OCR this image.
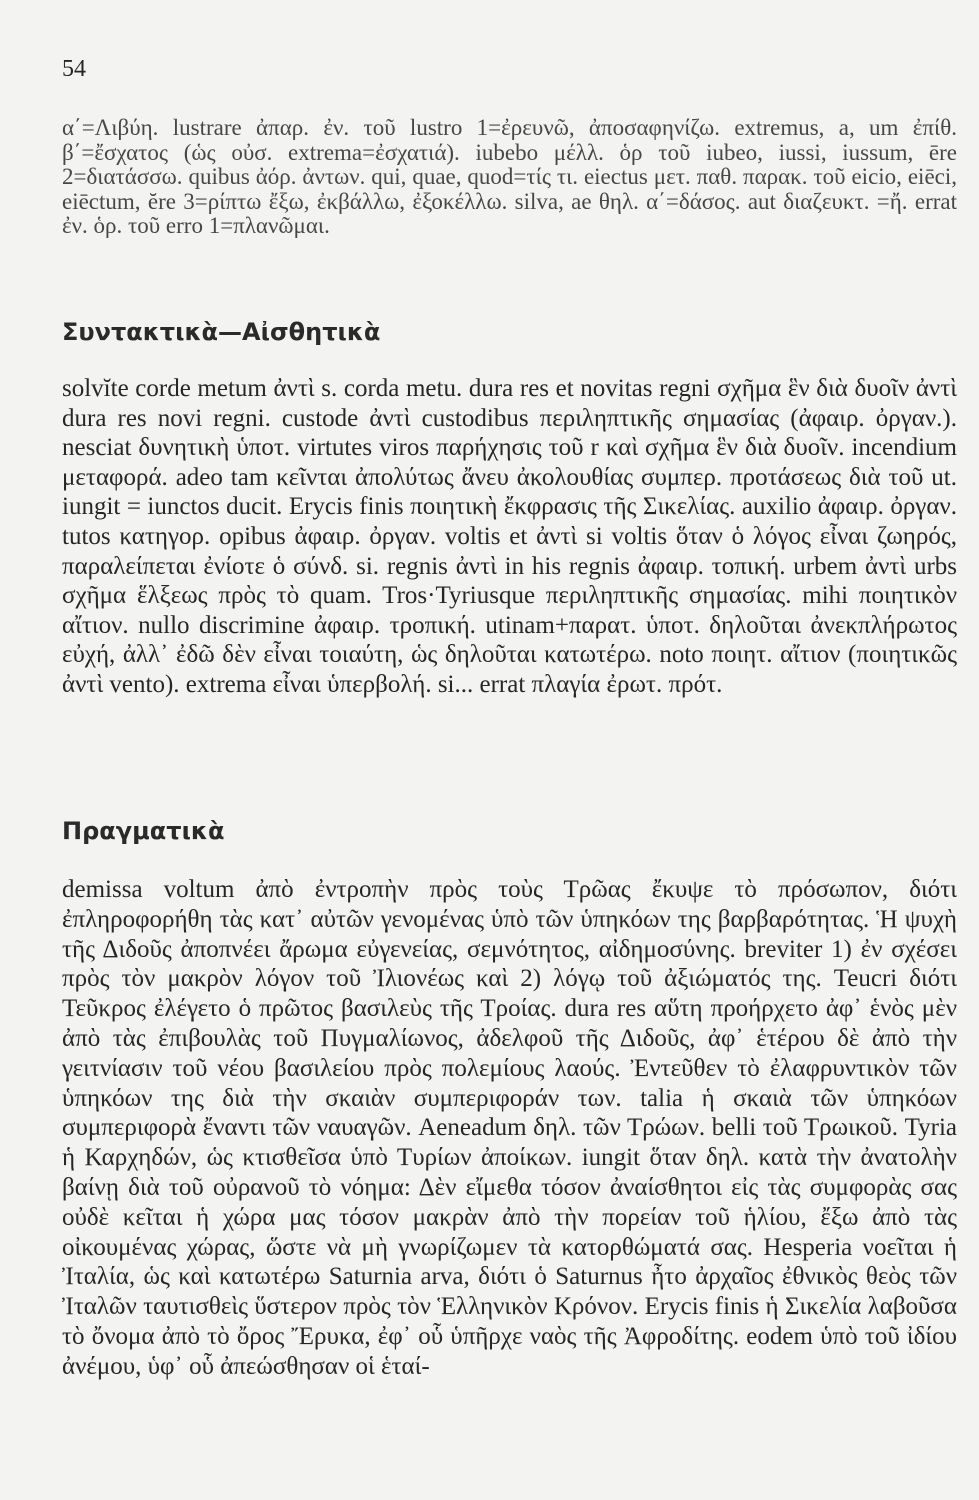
54

α΄=Λιβύη. lustrare ἀπαρ. ἐν. τοῦ lustro 1=ἐρευνῶ, ἀποσαφηνίζω. extremus, a, um ἐπίθ. β΄=ἔσχατος (ὡς οὐσ. extrema=ἐσχατιά). iubebo μέλλ. ὁρ τοῦ iubeo, iussi, iussum, ēre 2=διατάσσω. quibus ἀόρ. ἀντων. qui, quae, quod=τίς τι. eiectus μετ. παθ. παρακ. τοῦ eicio, eiēci, eiēctum, ĕre 3=ρίπτω ἔξω, ἐκβάλλω, ἐξοκέλλω. silva, ae θηλ. α΄=δάσος. aut διαζευκτ. =ἤ. errat ἐν. ὁρ. τοῦ erro 1=πλανῶμαι.

Συντακτικὰ—Αἰσθητικὰ

solvĭte corde metum ἀντὶ s. corda metu. dura res et novitas regni σχῆμα ἓν διὰ δυοῖν ἀντὶ dura res novi regni. custode ἀντὶ custodibus περιληπτικῆς σημασίας (ἀφαιρ. ὀργαν.). nesciat δυνητικὴ ὑποτ. virtutes viros παρήχησις τοῦ r καὶ σχῆμα ἓν διὰ δυοῖν. incendium μεταφορά. adeo tam κεῖνται ἀπολύτως ἄνευ ἀκολουθίας συμπερ. προτάσεως διὰ τοῦ ut. iungit = iunctos ducit. Erycis finis ποιητικὴ ἔκφρασις τῆς Σικελίας. auxilio ἀφαιρ. ὀργαν. tutos κατηγορ. opibus ἀφαιρ. ὀργαν. voltis et ἀντὶ si voltis ὅταν ὁ λόγος εἶναι ζωηρός, παραλείπεται ἐνίοτε ὁ σύνδ. si. regnis ἀντὶ in his regnis ἀφαιρ. τοπική. urbem ἀντὶ urbs σχῆμα ἕλξεως πρὸς τὸ quam. Tros·Tyriusque περιληπτικῆς σημασίας. mihi ποιητικὸν αἴτιον. nullo discrimine ἀφαιρ. τροπική. utinam+παρατ. ὑποτ. δηλοῦται ἀνεκπλήρωτος εὐχή, ἀλλ᾿ ἐδῶ δὲν εἶναι τοιαύτη, ὡς δηλοῦται κατωτέρω. noto ποιητ. αἴτιον (ποιητικῶς ἀντὶ vento). extrema εἶναι ὑπερβολή. si... errat πλαγία ἐρωτ. πρότ.

Πραγματικὰ

demissa voltum ἀπὸ ἐντροπὴν πρὸς τοὺς Τρῶας ἔκυψε τὸ πρόσωπον, διότι ἐπληροφορήθη τὰς κατ᾿ αὐτῶν γενομένας ὑπὸ τῶν ὑπηκόων της βαρβαρότητας. Ἡ ψυχὴ τῆς Διδοῦς ἀποπνέει ἄρωμα εὐγενείας, σεμνότητος, αἰδημοσύνης. breviter 1) ἐν σχέσει πρὸς τὸν μακρὸν λόγον τοῦ Ἰλιονέως καὶ 2) λόγῳ τοῦ ἀξιώματός της. Teucri διότι Τεῦκρος ἐλέγετο ὁ πρῶτος βασιλεὺς τῆς Τροίας. dura res αὕτη προήρχετο ἀφ᾿ ἑνὸς μὲν ἀπὸ τὰς ἐπιβουλὰς τοῦ Πυγμαλίωνος, ἀδελφοῦ τῆς Διδοῦς, ἀφ᾿ ἑτέρου δὲ ἀπὸ τὴν γειτνίασιν τοῦ νέου βασιλείου πρὸς πολεμίους λαούς. Ἐντεῦθεν τὸ ἐλαφρυντικὸν τῶν ὑπηκόων της διὰ τὴν σκαιὰν συμπεριφοράν των. talia ἡ σκαιὰ τῶν ὑπηκόων συμπεριφορὰ ἔναντι τῶν ναυαγῶν. Aeneadum δηλ. τῶν Τρώων. belli τοῦ Τρωικοῦ. Tyria ἡ Καρχηδών, ὡς κτισθεῖσα ὑπὸ Τυρίων ἀποίκων. iungit ὅταν δηλ. κατὰ τὴν ἀνατολὴν βαίνῃ διὰ τοῦ οὐρανοῦ τὸ νόημα: Δὲν εἴμεθα τόσον ἀναίσθητοι εἰς τὰς συμφορὰς σας οὐδὲ κεῖται ἡ χώρα μας τόσον μακρὰν ἀπὸ τὴν πορείαν τοῦ ἡλίου, ἔξω ἀπὸ τὰς οἰκουμένας χώρας, ὥστε νὰ μὴ γνωρίζωμεν τὰ κατορθώματά σας. Hesperia νοεῖται ἡ Ἰταλία, ὡς καὶ κατωτέρω Saturnia arva, διότι ὁ Saturnus ἦτο ἀρχαῖος ἐθνικὸς θεὸς τῶν Ἰταλῶν ταυτισθεὶς ὕστερον πρὸς τὸν Ἑλληνικὸν Κρόνον. Erycis finis ἡ Σικελία λαβοῦσα τὸ ὄνομα ἀπὸ τὸ ὄρος Ἔρυκα, ἐφ᾿ οὗ ὑπῆρχε ναὸς τῆς Ἀφροδίτης. eodem ὑπὸ τοῦ ἰδίου ἀνέμου, ὑφ᾿ οὗ ἀπεώσθησαν οἱ ἑταί-
